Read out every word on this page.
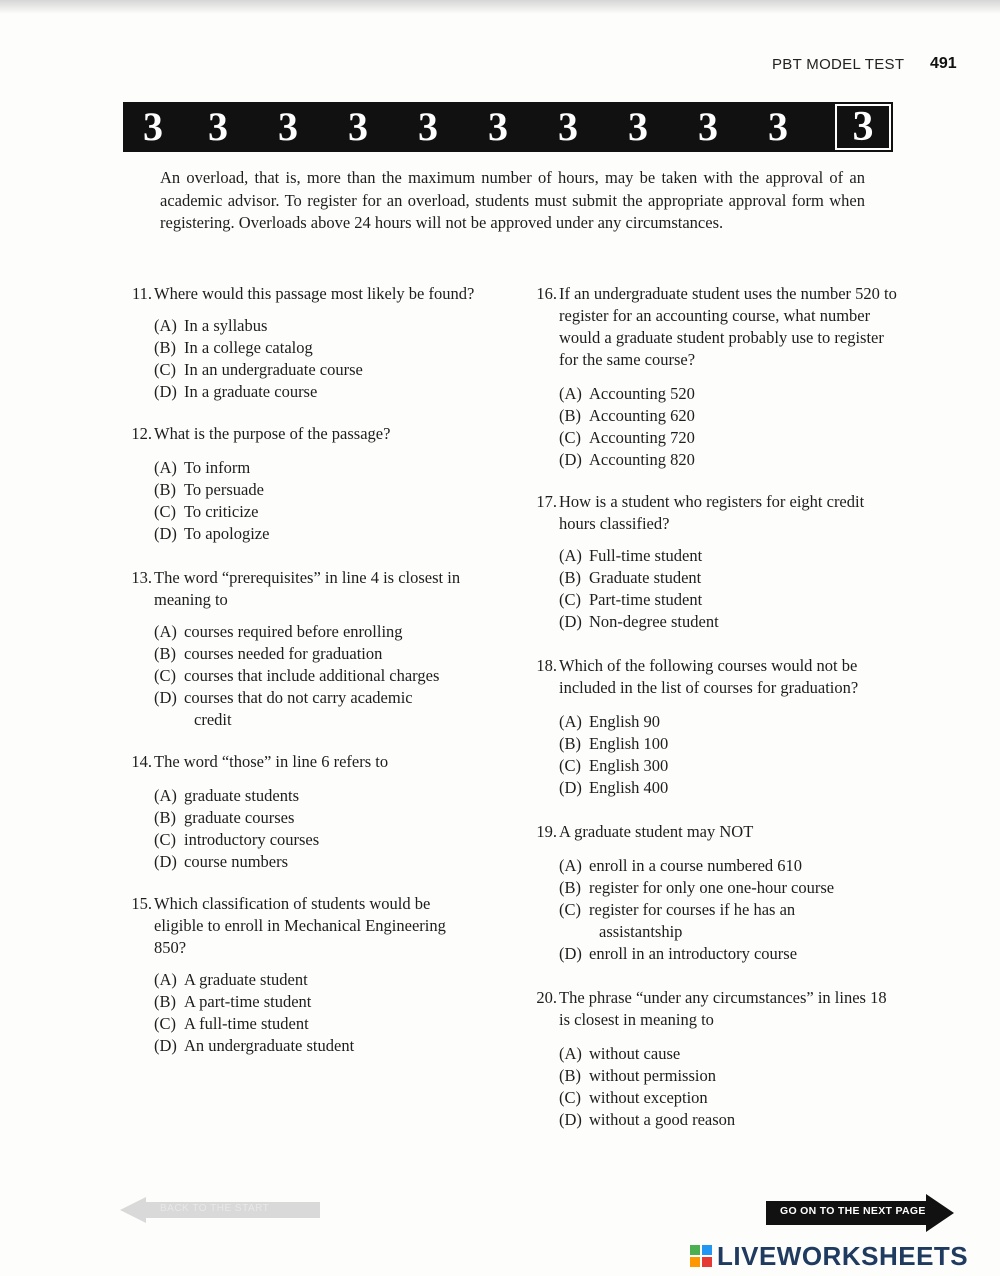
PBT MODEL TEST 491
3	3	3	3	3	3	3	3	3	3	3

An overload, that is, more than the maximum number of hours, may be taken with the approval of an academic advisor. To register for an overload, students must submit the appropriate approval form when registering. Overloads above 24 hours will not be approved under any circumstances.

11. Where would this passage most likely be found?
(A) In a syllabus
(B) In a college catalog
(C) In an undergraduate course
(D) In a graduate course
12. What is the purpose of the passage?
(A) To inform
(B) To persuade
(C) To criticize
(D) To apologize
13. The word “prerequisites” in line 4 is closest in meaning to
(A) courses required before enrolling
(B) courses needed for graduation
(C) courses that include additional charges
(D) courses that do not carry academic credit
14. The word “those” in line 6 refers to
(A) graduate students
(B) graduate courses
(C) introductory courses
(D) course numbers
15. Which classification of students would be eligible to enroll in Mechanical Engineering 850?
(A) A graduate student
(B) A part-time student
(C) A full-time student
(D) An undergraduate student
16. If an undergraduate student uses the number 520 to register for an accounting course, what number would a graduate student probably use to register for the same course?
(A) Accounting 520
(B) Accounting 620
(C) Accounting 720
(D) Accounting 820
17. How is a student who registers for eight credit hours classified?
(A) Full-time student
(B) Graduate student
(C) Part-time student
(D) Non-degree student
18. Which of the following courses would not be included in the list of courses for graduation?
(A) English 90
(B) English 100
(C) English 300
(D) English 400
19. A graduate student may NOT
(A) enroll in a course numbered 610
(B) register for only one one-hour course
(C) register for courses if he has an assistantship
(D) enroll in an introductory course
20. The phrase “under any circumstances” in lines 18 is closest in meaning to
(A) without cause
(B) without permission
(C) without exception
(D) without a good reason
BACK TO THE START	GO ON TO THE NEXT PAGE
LIVEWORKSHEETS
